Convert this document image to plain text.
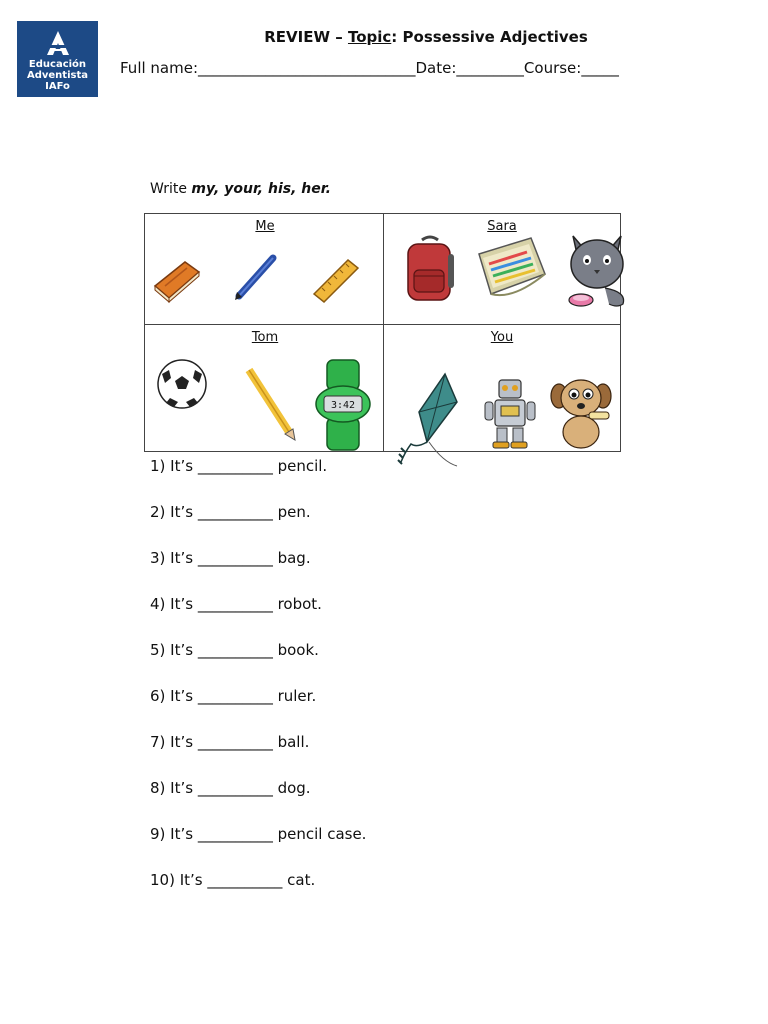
Educación
Adventista
IAFo
REVIEW – Topic: Possessive Adjectives
Full name:_____________________________Date:_________Course:_____
Write my, your, his, her.
Me	Sara
Tom	You
3:42
1) It’s __________ pencil.
2) It’s __________ pen.
3) It’s __________ bag.
4) It’s __________ robot.
5) It’s __________ book.
6) It’s __________ ruler.
7) It’s __________ ball.
8) It’s __________ dog.
9) It’s __________ pencil case.
10) It’s __________ cat.
